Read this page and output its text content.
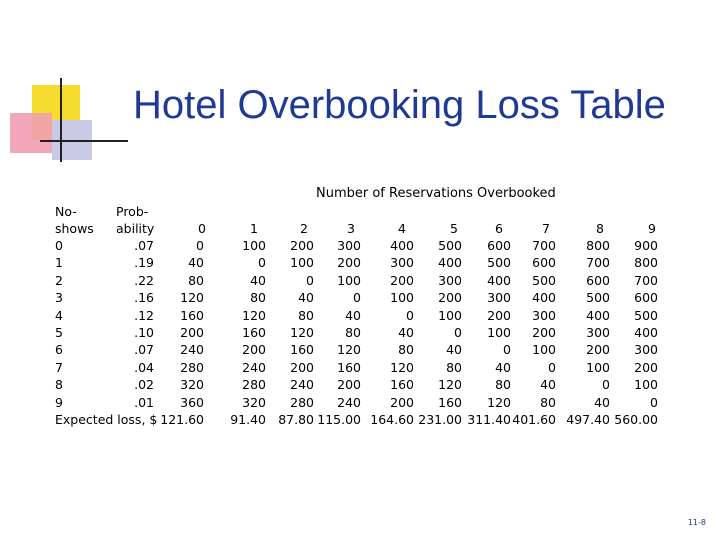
Hotel Overbooking Loss Table
Number of Reservations Overbooked
No-
shows
Prob-
ability	0	1	2	3	4	5	6	7	8	9
0	.07	0	100	200	300	400	500	600	700	800	900
1	.19	40	0	100	200	300	400	500	600	700	800
2	.22	80	40	0	100	200	300	400	500	600	700
3	.16	120	80	40	0	100	200	300	400	500	600
4	.12	160	120	80	40	0	100	200	300	400	500
5	.10	200	160	120	80	40	0	100	200	300	400
6	.07	240	200	160	120	80	40	0	100	200	300
7	.04	280	240	200	160	120	80	40	0	100	200
8	.02	320	280	240	200	160	120	80	40	0	100
9	.01	360	320	280	240	200	160	120	80	40	0
Expected loss, $ 121.60	91.40 87.80 115.00 164.60 231.00 311.40 401.60 497.40 560.00
11-8
